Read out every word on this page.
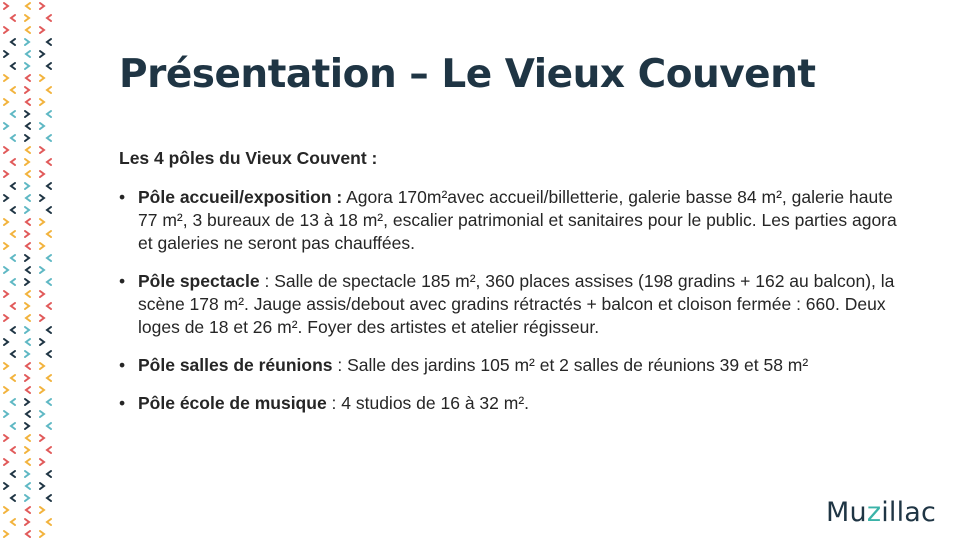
Présentation – Le Vieux Couvent

Les 4 pôles du Vieux Couvent :

• Pôle accueil/exposition : Agora 170m²avec accueil/billetterie, galerie basse 84 m², galerie haute 77 m², 3 bureaux de 13 à 18 m², escalier patrimonial et sanitaires pour le public. Les parties agora et galeries ne seront pas chauffées.
• Pôle spectacle : Salle de spectacle 185 m², 360 places assises (198 gradins + 162 au balcon), la scène 178 m². Jauge assis/debout avec gradins rétractés + balcon et cloison fermée : 660. Deux loges de 18 et 26 m². Foyer des artistes et atelier régisseur.
• Pôle salles de réunions : Salle des jardins 105 m² et 2 salles de réunions 39 et 58 m²
• Pôle école de musique : 4 studios de 16 à 32 m².
Muzillac
